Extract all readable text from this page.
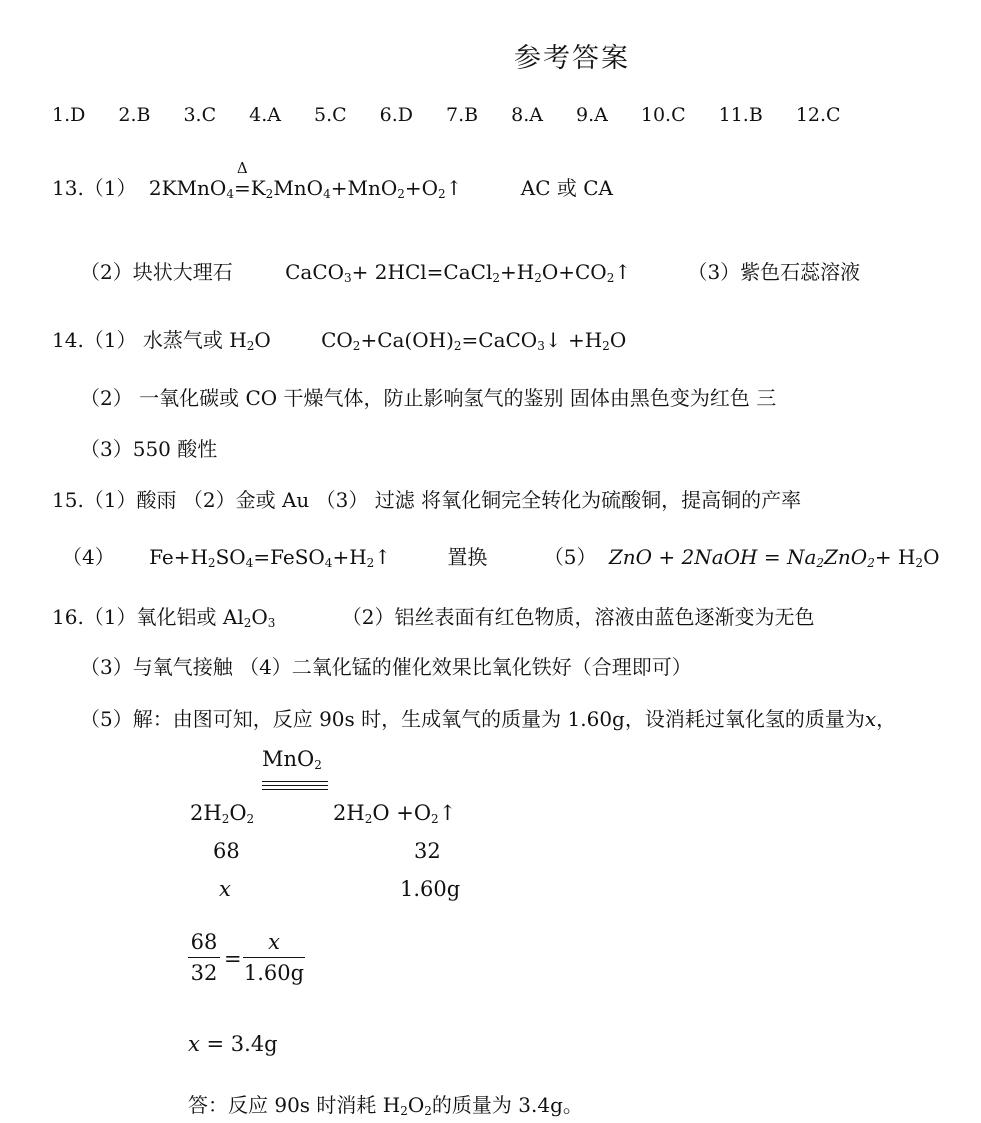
参考答案
1.D 2.B 3.C 4.A 5.C 6.D 7.B 8.A 9.A 10.C 11.B 12.C
13.（1） 2KMnO$_4$
Δ
$=K_2MnO_4+MnO_2+O_2↑$	AC 或 CA
（2）块状大理石	CaCO$_3$+ $2HCl=CaCl_2+H_2O+CO_2↑$	（3）紫色石蕊溶液
14.（1） 水蒸气或 $H_2O$	$CO_2+Ca(OH)_2=CaCO_3↓ +H_2O$
（2） 一氧化碳或 CO 干燥气体，防止影响氢气的鉴别 固体由黑色变为红色 三
（3）550 酸性
15.（1）酸雨 （2）金或 Au （3） 过滤 将氧化铜完全转化为硫酸铜，提高铜的产率
（4） $Fe+H_2SO_4=FeSO_4+H_2↑$	置换	（5） ZnO + 2NaOH = $Na_2ZnO_2+ H_2O$
16.（1）氧化铝或 $Al_2O_3$	（2）铝丝表面有红色物质，溶液由蓝色逐渐变为无色
（3）与氧气接触 （4）二氧化锰的催化效果比氧化铁好（合理即可）
（5）解：由图可知，反应 90s 时，生成氧气的质量为 1.60g，设消耗过氧化氢的质量为x，
MnO$_2$
$2H_2O_2$	$2H_2O$ $+O_2↑$
68	32
x	1.60g
68
32
=
x
1.60g
x = 3.4g
答：反应 90s 时消耗 $H_2O_2$的质量为 3.4g。
